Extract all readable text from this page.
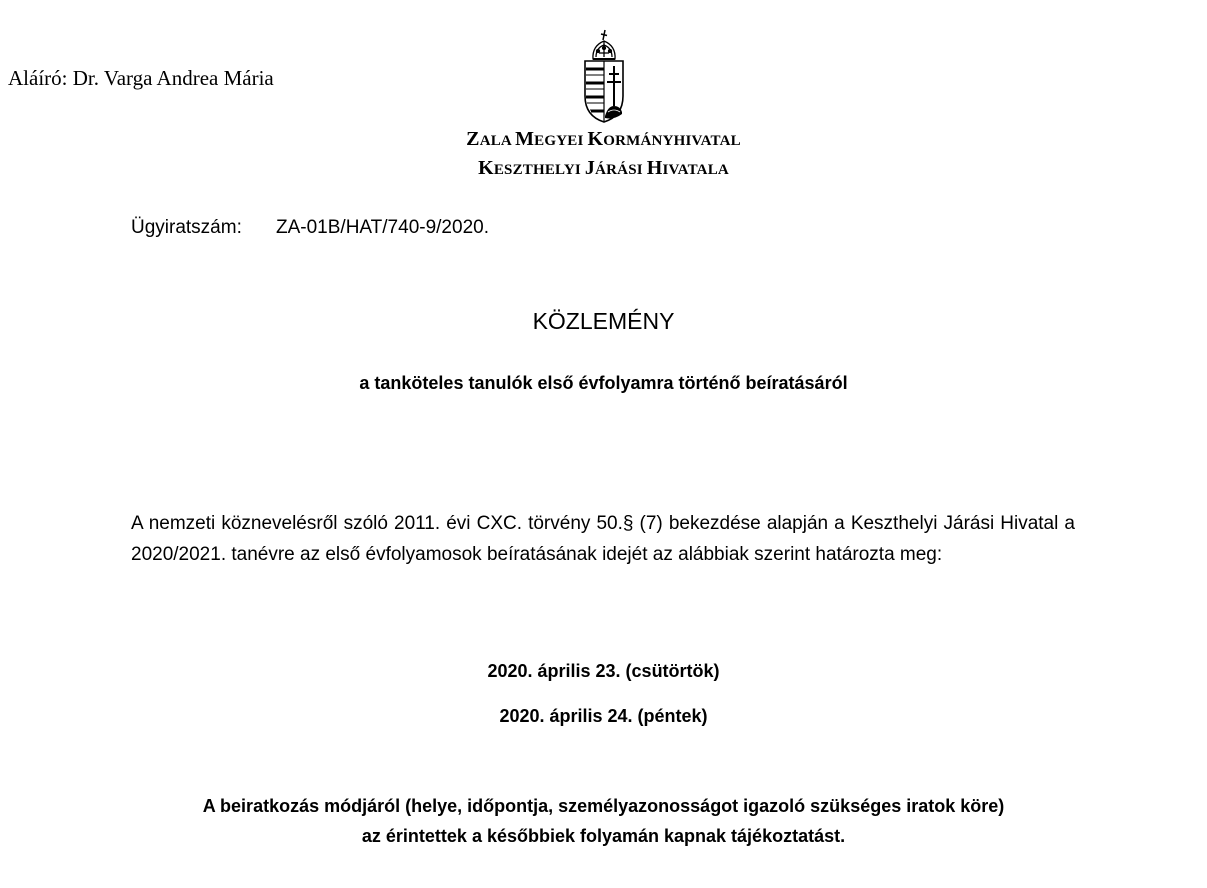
Aláíró: Dr. Varga Andrea Mária
ZALA MEGYEI KORMÁNYHIVATAL
KESZTHELYI JÁRÁSI HIVATALA
Ügyiratszám: ZA-01B/HAT/740-9/2020.
KÖZLEMÉNY
a tanköteles tanulók első évfolyamra történő beíratásáról
A nemzeti köznevelésről szóló 2011. évi CXC. törvény 50.§ (7) bekezdése alapján a Keszthelyi Járási Hivatal a 2020/2021. tanévre az első évfolyamosok beíratásának idejét az alábbiak szerint határozta meg:
2020. április 23. (csütörtök)
2020. április 24. (péntek)
A beiratkozás módjáról (helye, időpontja, személyazonosságot igazoló szükséges iratok köre)
az érintettek a későbbiek folyamán kapnak tájékoztatást.
